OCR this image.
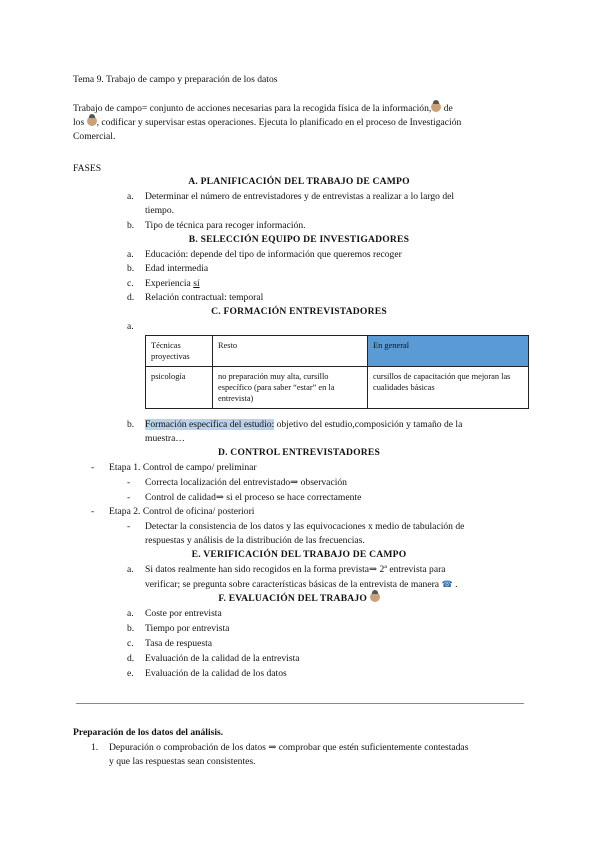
Tema 9. Trabajo de campo y preparación de los datos
Trabajo de campo= conjunto de acciones necesarias para la recogida física de la información, de
los , codificar y supervisar estas operaciones. Ejecuta lo planificado en el proceso de Investigación
Comercial.
FASES
A. PLANIFICACIÓN DEL TRABAJO DE CAMPO
a. Determinar el número de entrevistadores y de entrevistas a realizar a lo largo del
tiempo.
b. Tipo de técnica para recoger información.
B. SELECCIÓN EQUIPO DE INVESTIGADORES
a. Educación: depende del tipo de información que queremos recoger
b. Edad intermedia
c. Experiencia sí
d. Relación contractual: temporal
C. FORMACIÓN ENTREVISTADORES
a.
Técnicas proyectivas	Resto	En general
psicología	no preparación muy alta, cursillo específico (para saber “estar” en la entrevista)	cursillos de capacitación que mejoran las cualidades básicas
b. Formación específica del estudio: objetivo del estudio,composición y tamaño de la
muestra…
D. CONTROL ENTREVISTADORES
- Etapa 1. Control de campo/ preliminar
- Correcta localización del entrevistado⇒ observación
- Control de calidad⇒ si el proceso se hace correctamente
- Etapa 2. Control de oficina/ posteriori
- Detectar la consistencia de los datos y las equivocaciones x medio de tabulación de
respuestas y análisis de la distribución de las frecuencias.
E. VERIFICACIÓN DEL TRABAJO DE CAMPO
a. Si datos realmente han sido recogidos en la forma prevista⇒ 2ª entrevista para
verificar; se pregunta sobre características básicas de la entrevista de manera ☎ .
F. EVALUACIÓN DEL TRABAJO
a. Coste por entrevista
b. Tiempo por entrevista
c. Tasa de respuesta
d. Evaluación de la calidad de la entrevista
e. Evaluación de la calidad de los datos
Preparación de los datos del análisis.
1. Depuración o comprobación de los datos ⇒ comprobar que estén suficientemente contestadas
y que las respuestas sean consistentes.
